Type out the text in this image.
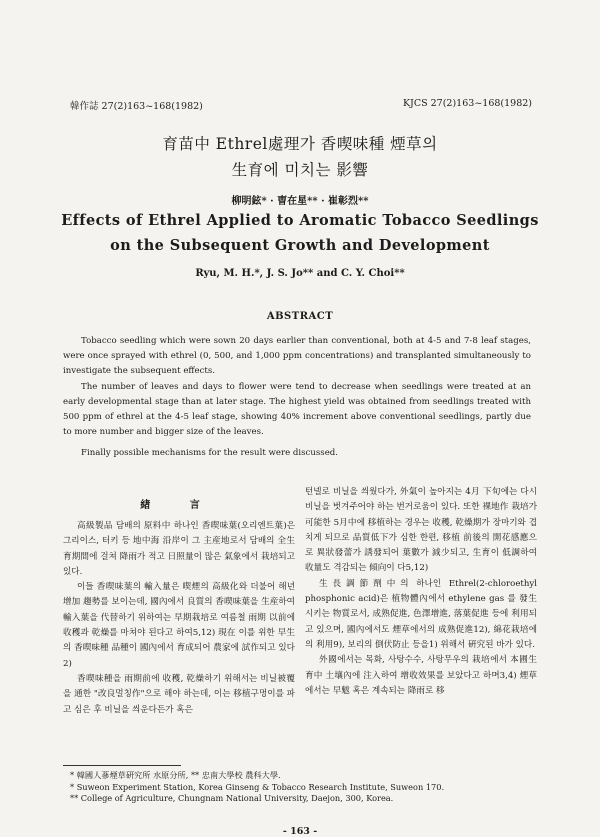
韓作誌 27(2)163~168(1982)	KJCS 27(2)163~168(1982)
育苗中 Ethrel處理가 香喫味種 煙草의
生育에 미치는 影響
柳明鉉* · 曺在星** · 崔彰烈**
Effects of Ethrel Applied to Aromatic Tobacco Seedlings
on the Subsequent Growth and Development
Ryu, M. H.*, J. S. Jo** and C. Y. Choi**
ABSTRACT

Tobacco seedling which were sown 20 days earlier than conventional, both at 4-5 and 7-8 leaf stages, were once sprayed with ethrel (0, 500, and 1,000 ppm concentrations) and transplanted simultaneously to investigate the subsequent effects.

The number of leaves and days to flower were tend to decrease when seedlings were treated at an early developmental stage than at later stage. The highest yield was obtained from seedlings treated with 500 ppm of ethrel at the 4-5 leaf stage, showing 40% increment above conventional seedlings, partly due to more number and bigger size of the leaves.

Finally possible mechanisms for the result were discussed.

緖 言

高級製品 담배의 原料中 하나인 香喫味葉(오리엔트葉)은 그리이스, 터키 등 地中海 沿岸이 그 主産地로서 담배의 全生育期間에 걸쳐 降雨가 적고 日照量이 많은 氣象에서 栽培되고 있다.

이들 香喫味葉의 輸入量은 喫煙의 高級化와 더불어 해년 增加 趨勢를 보이는데, 國內에서 良質의 香喫味葉을 生産하여 輸入葉을 代替하기 위하여는 早期栽培로 여름철 雨期 以前에 收穫과 乾燥를 마쳐야 된다고 하여5,12) 現在 이를 위한 早生의 香喫味種 品種이 國內에서 育成되어 農家에 試作되고 있다2)

香喫味種을 雨期前에 收穫, 乾燥하기 위해서는 비닐被覆을 通한 "改良멀칭作"으로 해야 하는데, 이는 移植구멍이를 파고 심은 후 비닐을 씌운다든가 혹은

턴넬로 비닐을 씌웠다가, 外氣이 높아지는 4月 下旬에는 다시 비닐을 벗겨주어야 하는 번거로움이 있다. 또한 裸地作 栽培가 可能한 5月中에 移植하는 경우는 收穫, 乾燥期가 장마기와 겹치게 되므로 品質低下가 심한 한편, 移植 前後의 開花感應으로 異狀發蕾가 誘發되어 葉數가 減少되고, 生育이 低調하여 收量도 격감되는 傾向이 다5,12)

生長調節劑中의 하나인 Ethrel(2-chloroethyl phosphonic acid)은 植物體內에서 ethylene gas 를 發生시키는 物質로서, 成熟促進, 色澤增進, 落葉促進 등에 利用되고 있으며, 國內에서도 煙草에서의 成熟促進12), 綿花栽培에의 利用9), 보리의 倒伏防止 등을1) 위해서 硏究된 바가 있다.

外國에서는 목화, 사탕수수, 사탕무우의 栽培에서 本圃生育中 土壤內에 注入하여 增收效果를 보았다고 하며3,4) 煙草에서는 早魃 혹은 계속되는 降雨로 移

* 韓國人蔘煙草硏究所 水原分所, ** 忠南大學校 農科大學.
* Suweon Experiment Station, Korea Ginseng & Tobacco Research Institute, Suweon 170.
** College of Agriculture, Chungnam National University, Daejon, 300, Korea.
- 163 -
